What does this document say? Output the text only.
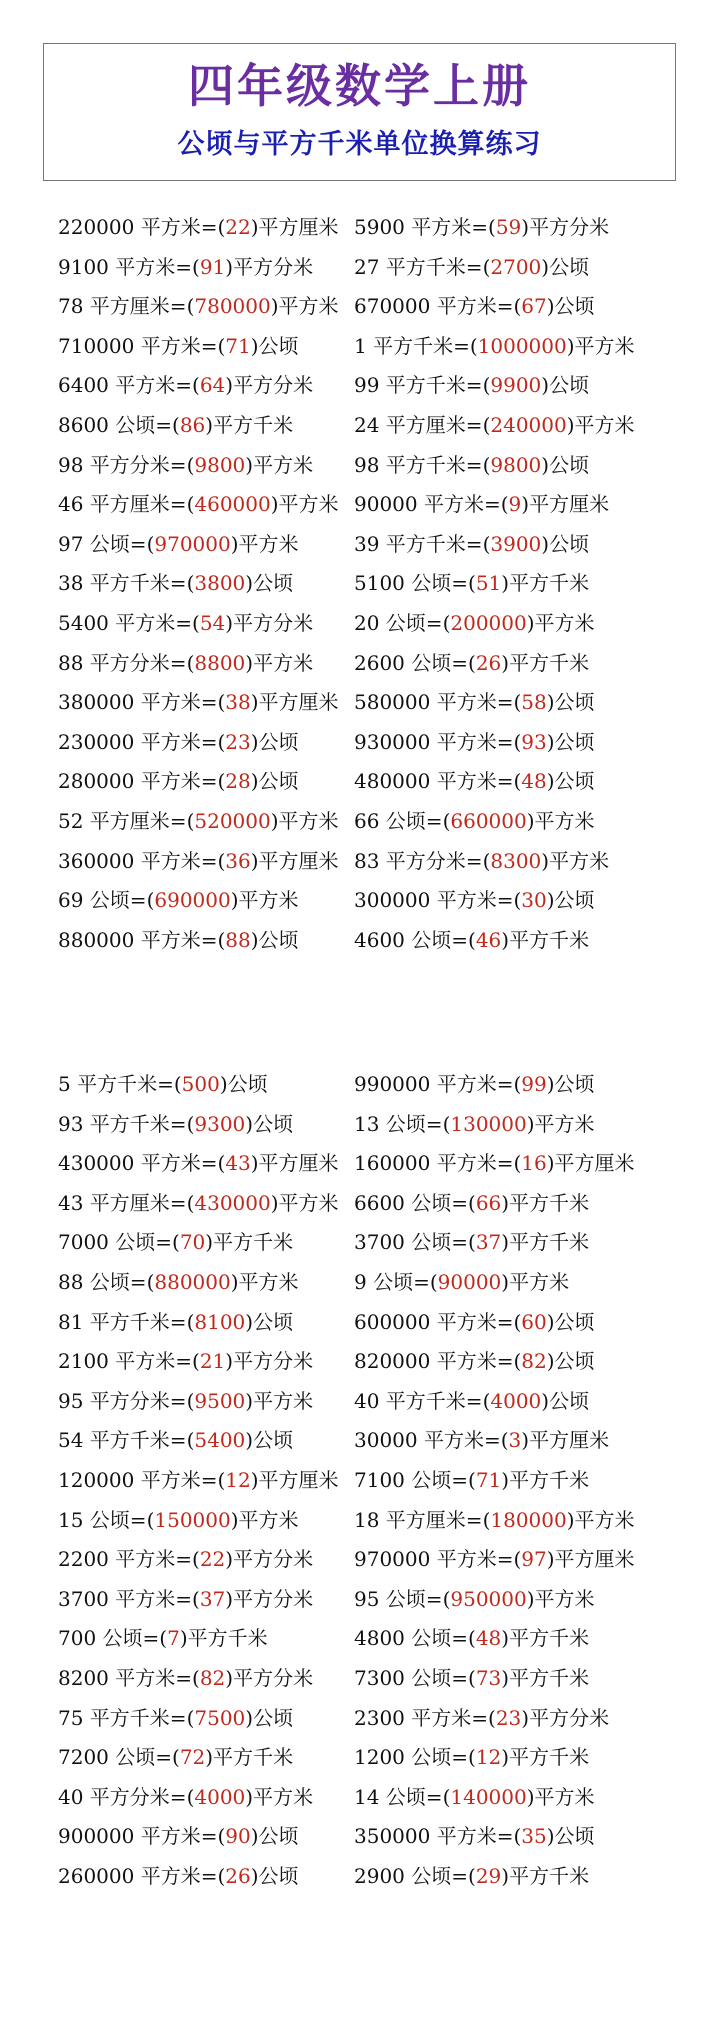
四年级数学上册
公顷与平方千米单位换算练习
220000 平方米=(22)平方厘米 5900 平方米=(59)平方分米
9100 平方米=(91)平方分米 27 平方千米=(2700)公顷
78 平方厘米=(780000)平方米 670000 平方米=(67)公顷
710000 平方米=(71)公顷	1 平方千米=(1000000)平方米
6400 平方米=(64)平方分米 99 平方千米=(9900)公顷
8600 公顷=(86)平方千米	24 平方厘米=(240000)平方米
98 平方分米=(9800)平方米 98 平方千米=(9800)公顷
46 平方厘米=(460000)平方米 90000 平方米=(9)平方厘米
97 公顷=(970000)平方米	39 平方千米=(3900)公顷
38 平方千米=(3800)公顷	5100 公顷=(51)平方千米
5400 平方米=(54)平方分米 20 公顷=(200000)平方米
88 平方分米=(8800)平方米 2600 公顷=(26)平方千米
380000 平方米=(38)平方厘米 580000 平方米=(58)公顷
230000 平方米=(23)公顷	930000 平方米=(93)公顷
280000 平方米=(28)公顷	480000 平方米=(48)公顷
52 平方厘米=(520000)平方米 66 公顷=(660000)平方米
360000 平方米=(36)平方厘米 83 平方分米=(8300)平方米
69 公顷=(690000)平方米	300000 平方米=(30)公顷
880000 平方米=(88)公顷	4600 公顷=(46)平方千米
5 平方千米=(500)公顷	990000 平方米=(99)公顷
93 平方千米=(9300)公顷	13 公顷=(130000)平方米
430000 平方米=(43)平方厘米 160000 平方米=(16)平方厘米
43 平方厘米=(430000)平方米 6600 公顷=(66)平方千米
7000 公顷=(70)平方千米	3700 公顷=(37)平方千米
88 公顷=(880000)平方米	9 公顷=(90000)平方米
81 平方千米=(8100)公顷	600000 平方米=(60)公顷
2100 平方米=(21)平方分米 820000 平方米=(82)公顷
95 平方分米=(9500)平方米 40 平方千米=(4000)公顷
54 平方千米=(5400)公顷	30000 平方米=(3)平方厘米
120000 平方米=(12)平方厘米 7100 公顷=(71)平方千米
15 公顷=(150000)平方米	18 平方厘米=(180000)平方米
2200 平方米=(22)平方分米 970000 平方米=(97)平方厘米
3700 平方米=(37)平方分米 95 公顷=(950000)平方米
700 公顷=(7)平方千米	4800 公顷=(48)平方千米
8200 平方米=(82)平方分米 7300 公顷=(73)平方千米
75 平方千米=(7500)公顷	2300 平方米=(23)平方分米
7200 公顷=(72)平方千米	1200 公顷=(12)平方千米
40 平方分米=(4000)平方米 14 公顷=(140000)平方米
900000 平方米=(90)公顷	350000 平方米=(35)公顷
260000 平方米=(26)公顷	2900 公顷=(29)平方千米
